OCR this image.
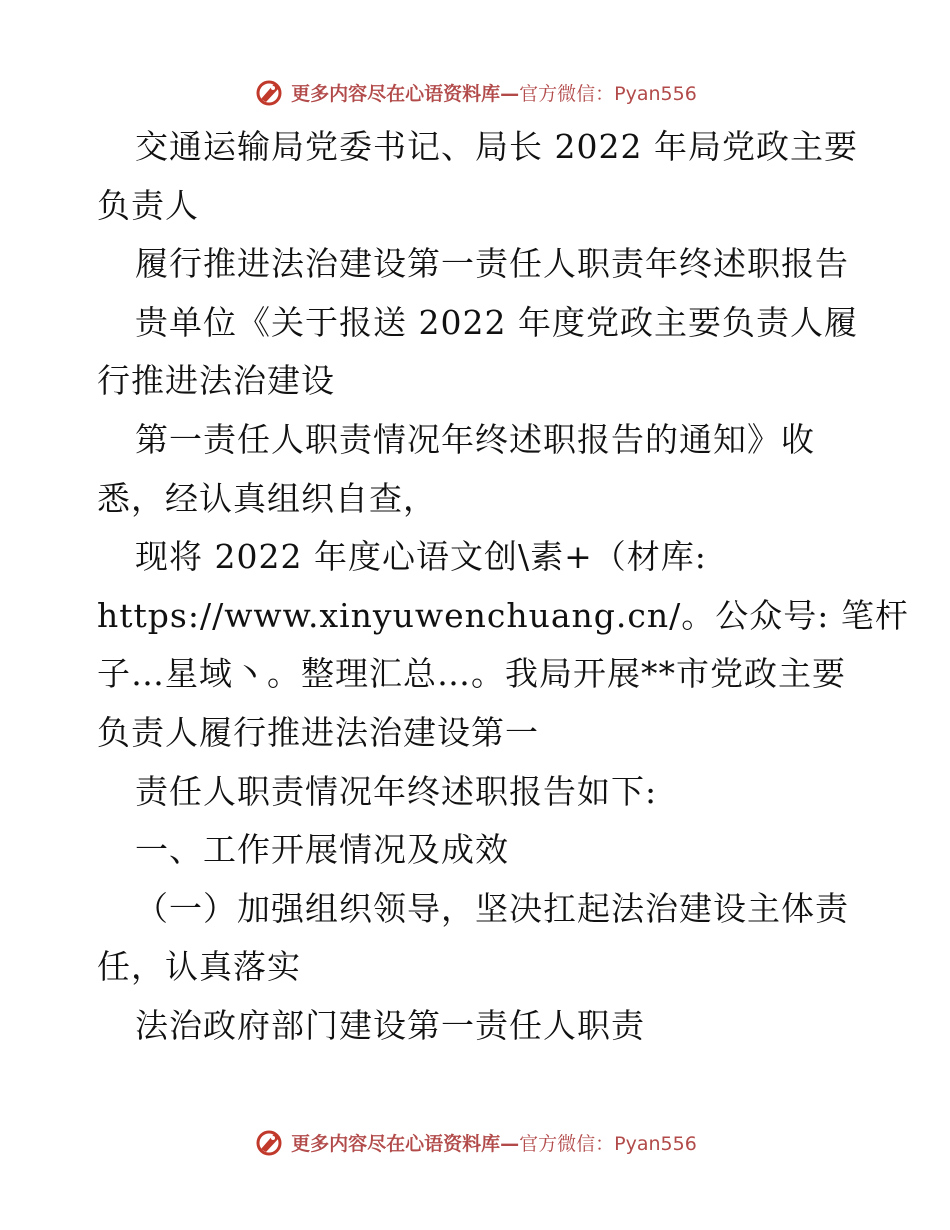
更多内容尽在心语资料库— 官方微信：Pyan556
交通运输局党委书记、局长 2022 年局党政主要
负责人
履行推进法治建设第一责任人职责年终述职报告
贵单位《关于报送 2022 年度党政主要负责人履
行推进法治建设
第一责任人职责情况年终述职报告的通知》收
悉，经认真组织自查，
现将 2022 年度心语文创\素+（材库:
https://www.xinyuwenchuang.cn/。公众号: 笔杆
子…星域丶。整理汇总…。我局开展**市党政主要
负责人履行推进法治建设第一
责任人职责情况年终述职报告如下:
一、工作开展情况及成效
（一）加强组织领导，坚决扛起法治建设主体责
任，认真落实
法治政府部门建设第一责任人职责
更多内容尽在心语资料库— 官方微信：Pyan556
